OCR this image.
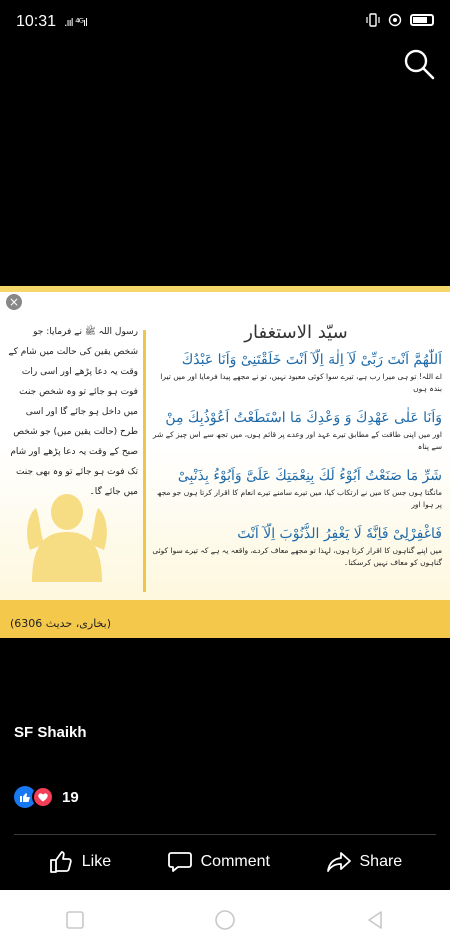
10:31 .ııl ⁴ᴳıl
×
رسول اللہ ﷺ نے فرمایا: جو شخص یقین کی حالت میں شام کے وقت یہ دعا پڑھے اور اسی رات فوت ہو جائے تو وہ شخص جنت میں داخل ہو جائے گا اور اسی طرح (حالت یقین میں) جو شخص صبح کے وقت یہ دعا پڑھے اور شام تک فوت ہو جائے تو وہ بھی جنت میں جائے گا۔
سیّد الاستغفار
اَللّٰھُمَّ اَنْتَ رَبِّیْ لَآ اِلٰهَ اِلَّآ اَنْتَ خَلَقْتَنِیْ وَاَنَا عَبْدُكَ
اے اللہ! تو ہی میرا رب ہے، تیرے سوا کوئی معبود نہیں، تو نے مجھے پیدا فرمایا اور میں تیرا بندہ ہوں
وَاَنَا عَلٰی عَھْدِكَ وَ وَعْدِكَ مَا اسْتَطَعْتُ اَعُوْذُبِكَ مِنْ
اور میں اپنی طاقت کے مطابق تیرے عہد اور وعدے پر قائم ہوں، میں تجھ سے اس چیز کے شر سے پناہ
شَرِّ مَا صَنَعْتُ اَبُوْءُ لَكَ بِنِعْمَتِكَ عَلَیَّ وَاَبُوْءُ بِذَنْبِیْ
مانگتا ہوں جس کا میں نے ارتکاب کیا، میں تیرے سامنے تیرے انعام کا اقرار کرتا ہوں جو مجھ پر ہوا اور
فَاغْفِرْلِیْ فَاِنَّهٗ لَا یَغْفِرُ الذُّنُوْبَ اِلَّآ اَنْتَ
میں اپنے گناہوں کا اقرار کرتا ہوں، لہذا تو مجھے معاف کردے، واقعہ یہ ہے کہ تیرے سوا کوئی گناہوں کو معاف نہیں کرسکتا۔
(بخاری، حدیث 6306)
SF Shaikh
19
Like	Comment	Share
